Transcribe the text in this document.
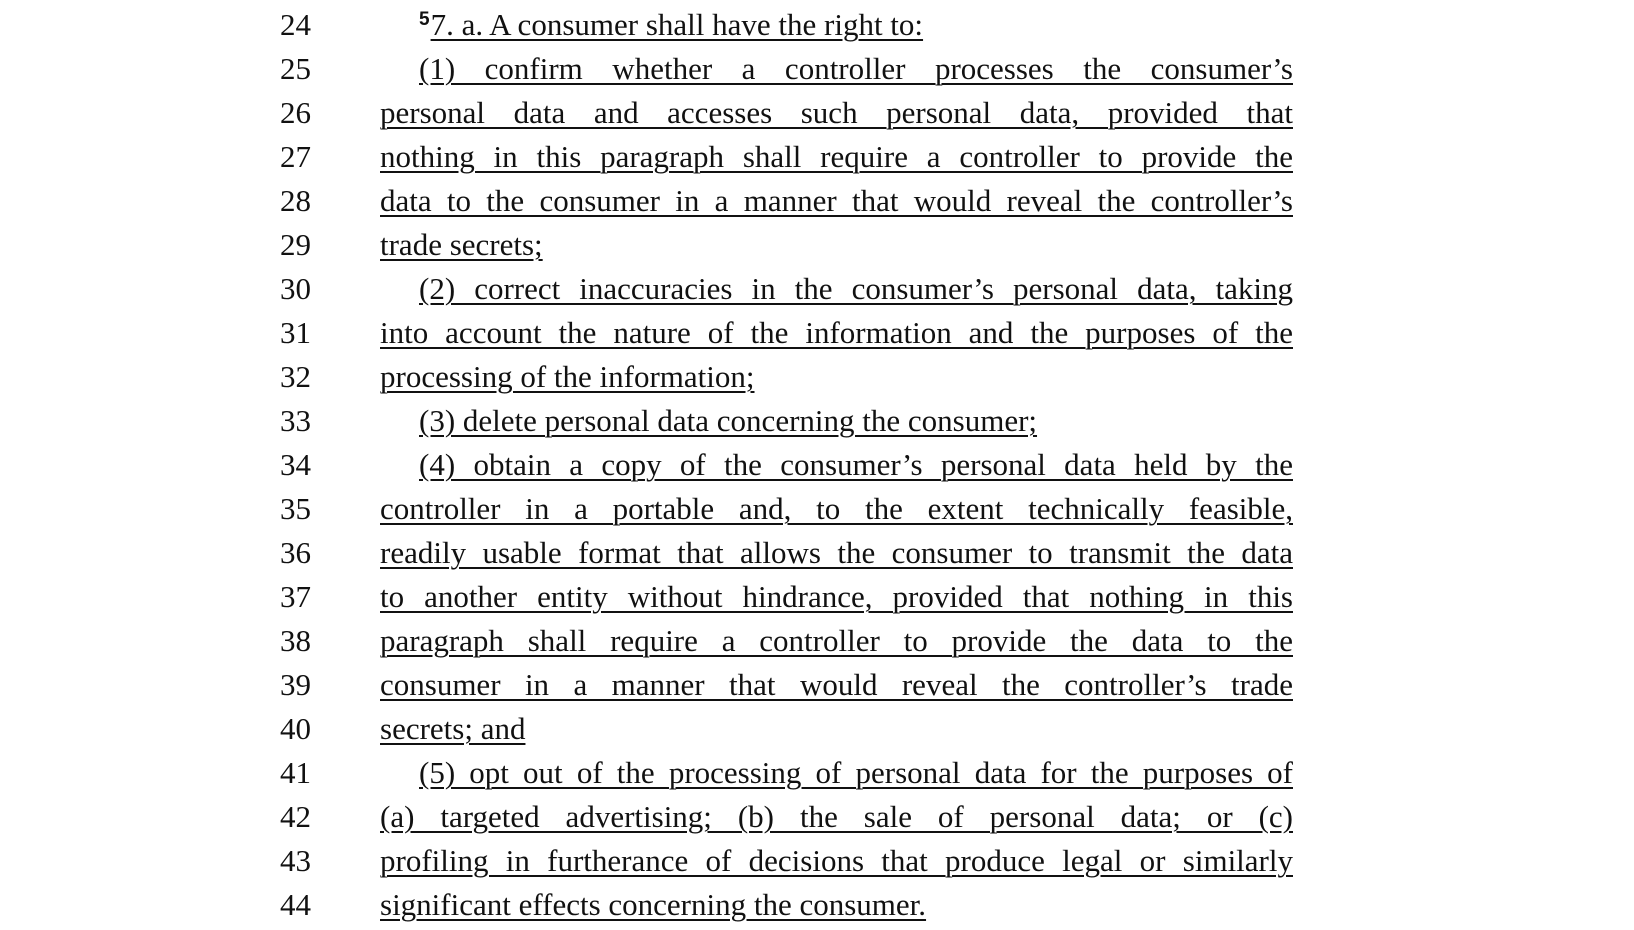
24	$^5$7. a. A consumer shall have the right to:
25	(1) confirm whether a controller processes the consumer’s
26	personal data and accesses such personal data, provided that
27	nothing in this paragraph shall require a controller to provide the
28	data to the consumer in a manner that would reveal the controller’s
29	trade secrets;
30	(2) correct inaccuracies in the consumer’s personal data, taking
31	into account the nature of the information and the purposes of the
32	processing of the information;
33	(3) delete personal data concerning the consumer;
34	(4) obtain a copy of the consumer’s personal data held by the
35	controller in a portable and, to the extent technically feasible,
36	readily usable format that allows the consumer to transmit the data
37	to another entity without hindrance, provided that nothing in this
38	paragraph shall require a controller to provide the data to the
39	consumer in a manner that would reveal the controller’s trade
40	secrets; and
41	(5) opt out of the processing of personal data for the purposes of
42	(a) targeted advertising; (b) the sale of personal data; or (c)
43	profiling in furtherance of decisions that produce legal or similarly
44	significant effects concerning the consumer.
